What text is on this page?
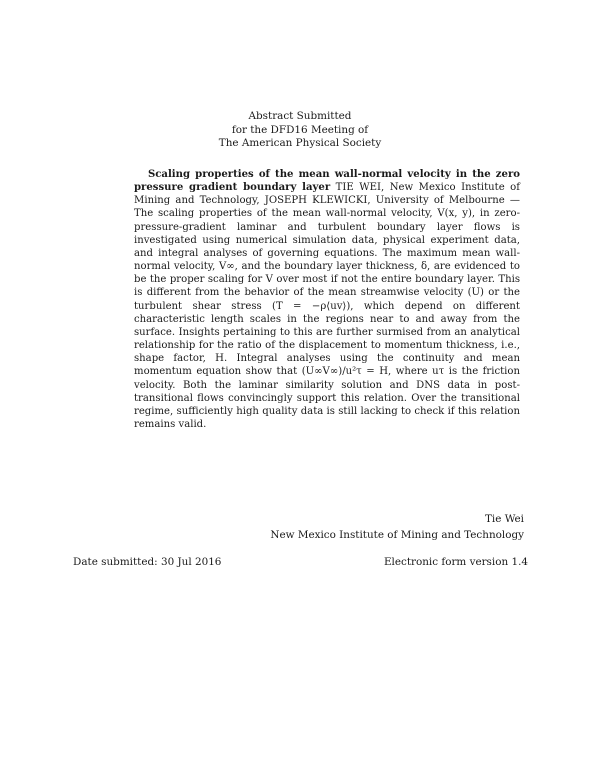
Abstract Submitted
for the DFD16 Meeting of
The American Physical Society
Scaling properties of the mean wall-normal velocity in the zero pressure gradient boundary layer TIE WEI, New Mexico Institute of Mining and Technology, JOSEPH KLEWICKI, University of Melbourne — The scaling properties of the mean wall-normal velocity, V(x, y), in zero-pressure-gradient laminar and turbulent boundary layer flows is investigated using numerical simulation data, physical experiment data, and integral analyses of governing equations. The maximum mean wall-normal velocity, V∞, and the boundary layer thickness, δ, are evidenced to be the proper scaling for V over most if not the entire boundary layer. This is different from the behavior of the mean streamwise velocity (U) or the turbulent shear stress (T = −ρ⟨uv⟩), which depend on different characteristic length scales in the regions near to and away from the surface. Insights pertaining to this are further surmised from an analytical relationship for the ratio of the displacement to momentum thickness, i.e., shape factor, H. Integral analyses using the continuity and mean momentum equation show that (U∞V∞)/u²τ = H, where uτ is the friction velocity. Both the laminar similarity solution and DNS data in post-transitional flows convincingly support this relation. Over the transitional regime, sufficiently high quality data is still lacking to check if this relation remains valid.
Tie Wei
New Mexico Institute of Mining and Technology
Date submitted: 30 Jul 2016	Electronic form version 1.4
